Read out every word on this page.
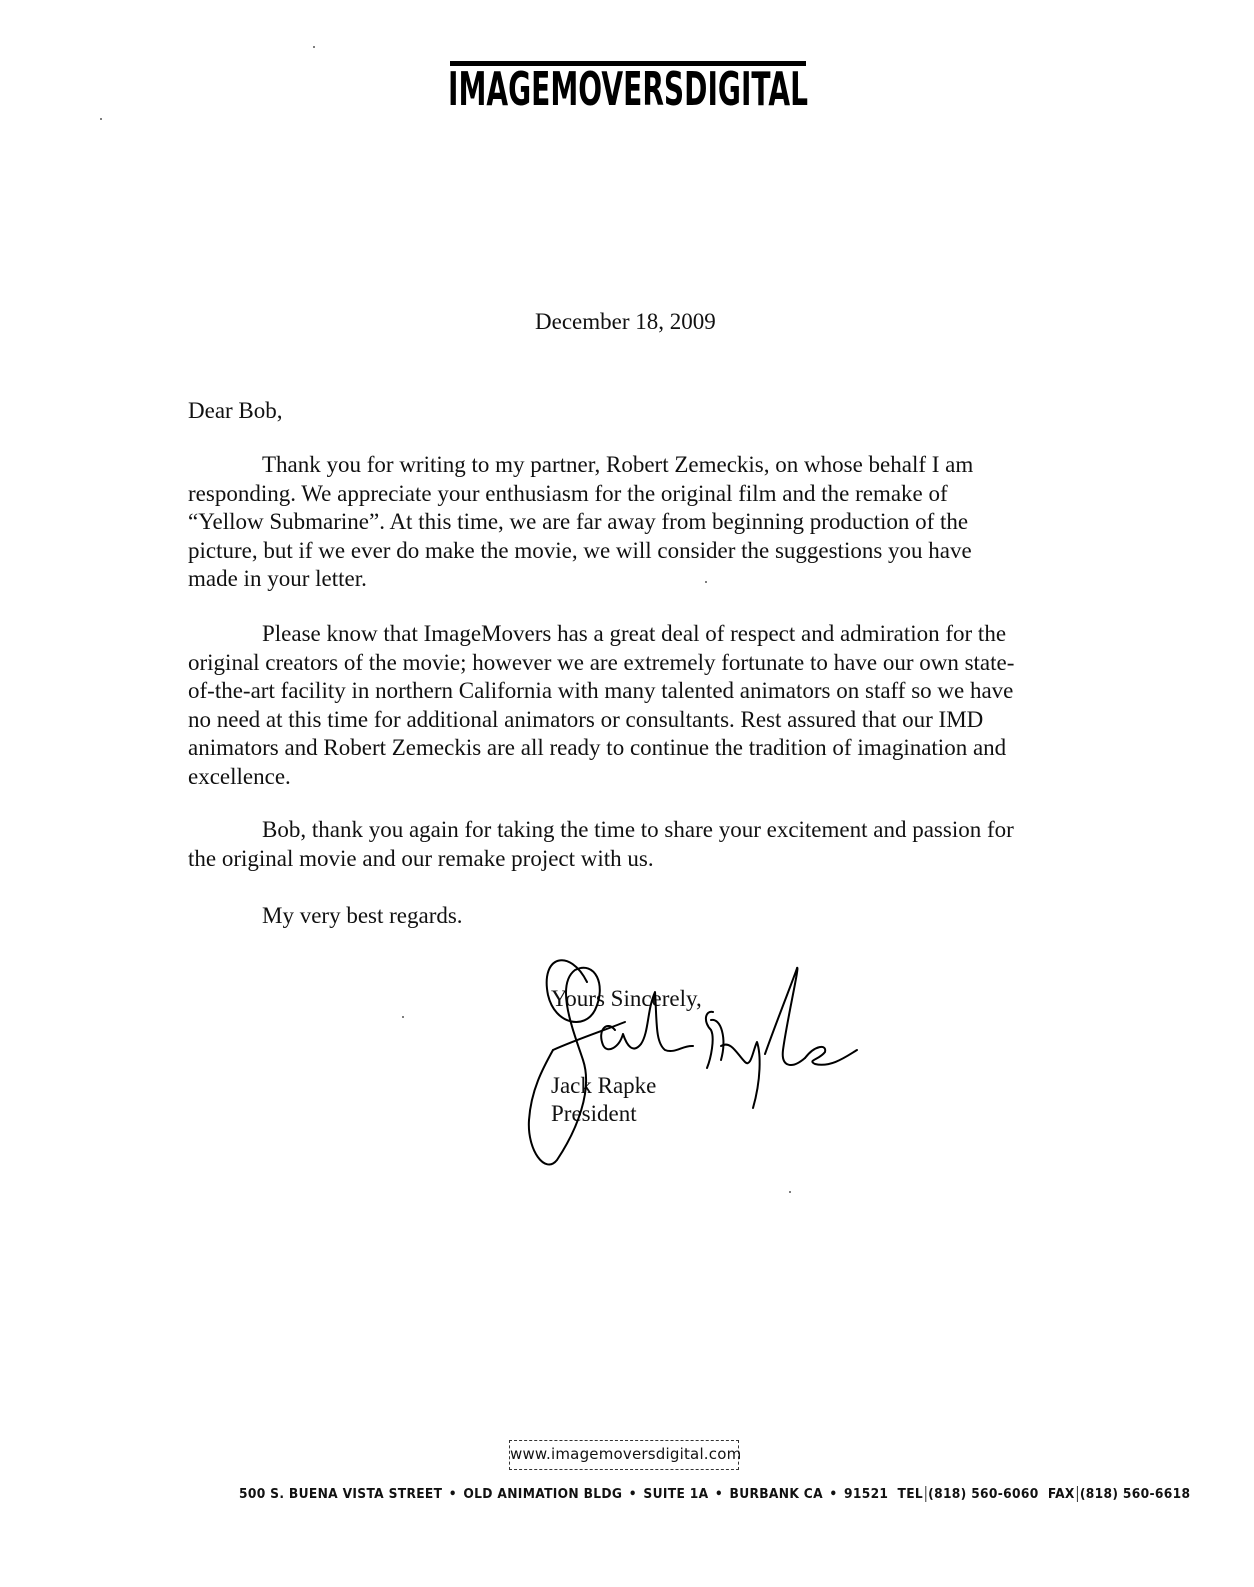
IMAGEMOVERSDIGITAL
December 18, 2009
Dear Bob,
Thank you for writing to my partner, Robert Zemeckis, on whose behalf I am
responding. We appreciate your enthusiasm for the original film and the remake of
“Yellow Submarine”. At this time, we are far away from beginning production of the
picture, but if we ever do make the movie, we will consider the suggestions you have
made in your letter.
Please know that ImageMovers has a great deal of respect and admiration for the
original creators of the movie; however we are extremely fortunate to have our own state-
of-the-art facility in northern California with many talented animators on staff so we have
no need at this time for additional animators or consultants. Rest assured that our IMD
animators and Robert Zemeckis are all ready to continue the tradition of imagination and
excellence.
Bob, thank you again for taking the time to share your excitement and passion for
the original movie and our remake project with us.
My very best regards.
Yours Sincerely,
Jack Rapke
President
www.imagemoversdigital.com
500 S. BUENA VISTA STREET • OLD ANIMATION BLDG • SUITE 1A • BURBANK CA • 91521 TEL (818) 560-6060 FAX (818) 560-6618
